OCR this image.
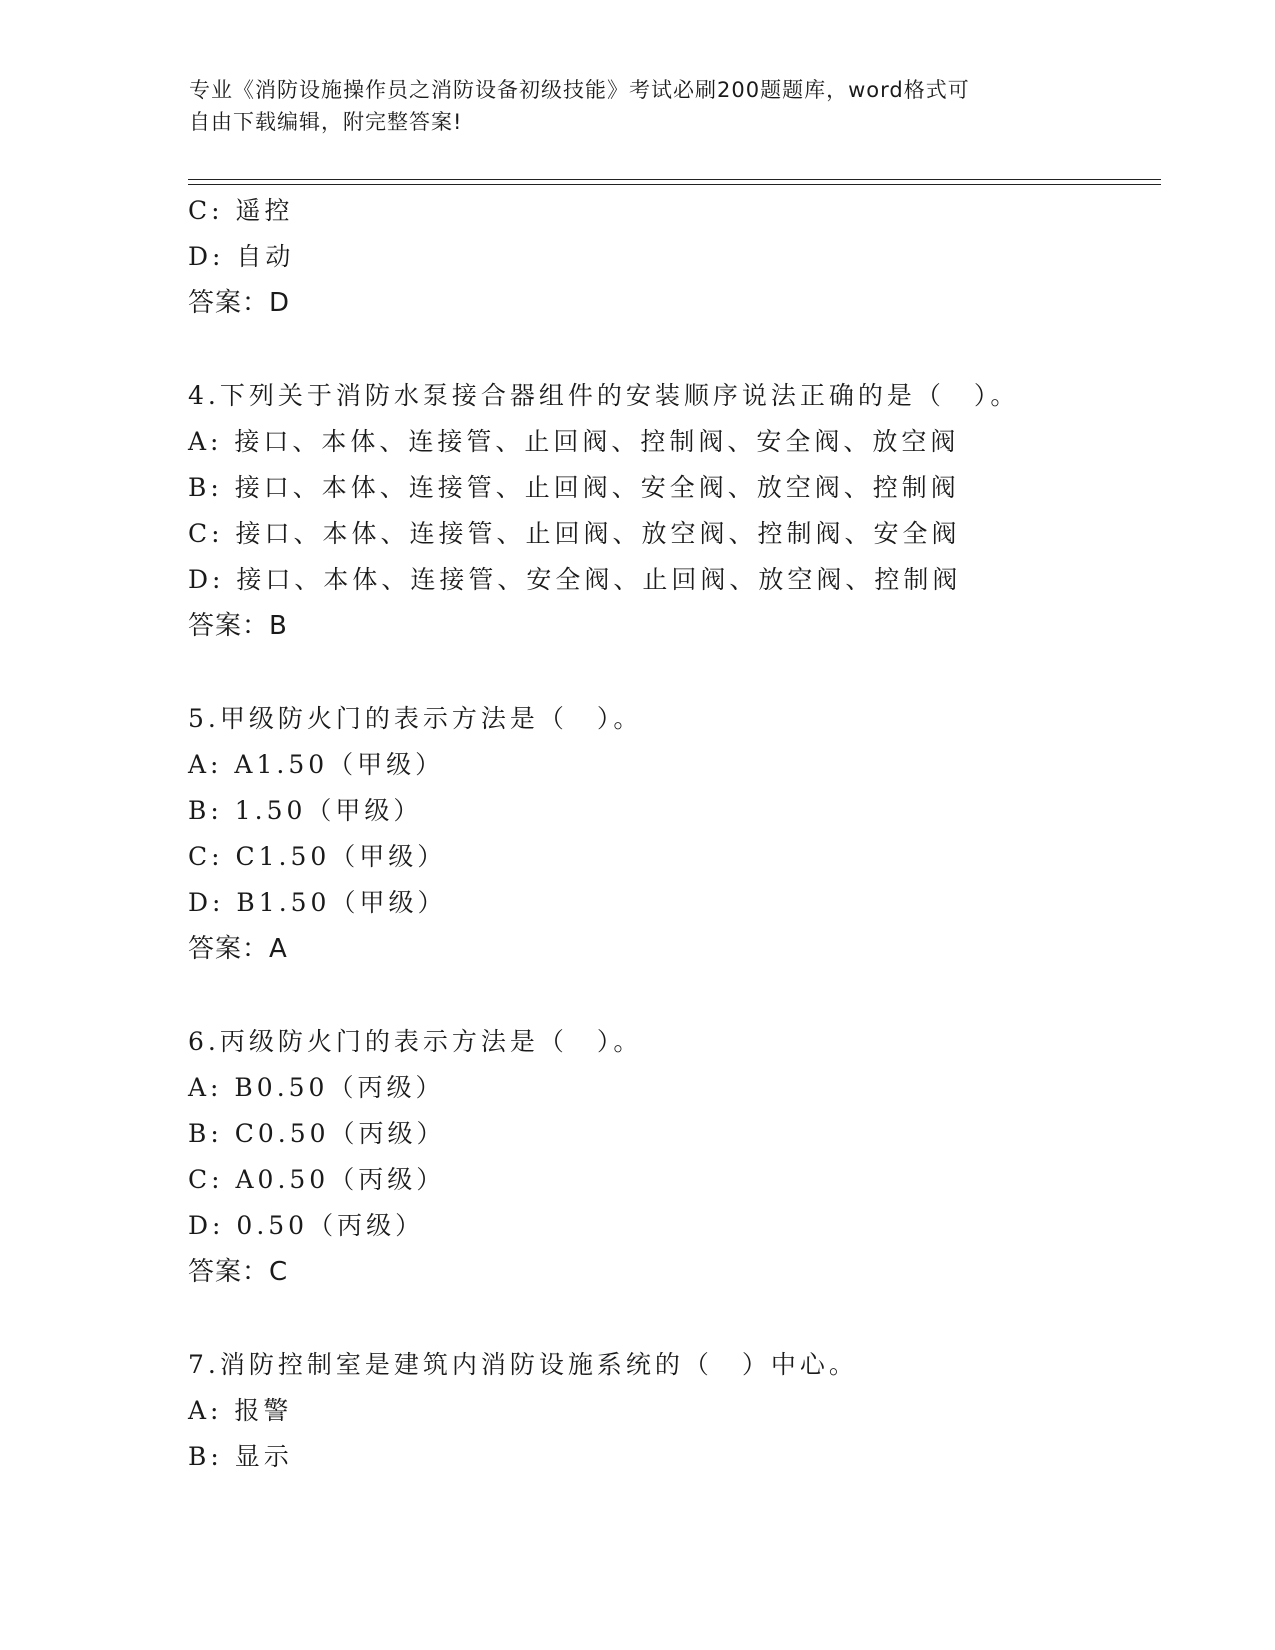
专业《消防设施操作员之消防设备初级技能》考试必刷200题题库，word格式可
自由下载编辑，附完整答案!
C: 遥控
D: 自动
答案：D
4.下列关于消防水泵接合器组件的安装顺序说法正确的是（　）。
A: 接口、本体、连接管、止回阀、控制阀、安全阀、放空阀
B: 接口、本体、连接管、止回阀、安全阀、放空阀、控制阀
C: 接口、本体、连接管、止回阀、放空阀、控制阀、安全阀
D: 接口、本体、连接管、安全阀、止回阀、放空阀、控制阀
答案：B
5.甲级防火门的表示方法是（　）。
A: A1.50（甲级）
B: 1.50（甲级）
C: C1.50（甲级）
D: B1.50（甲级）
答案：A
6.丙级防火门的表示方法是（　）。
A: B0.50（丙级）
B: C0.50（丙级）
C: A0.50（丙级）
D: 0.50（丙级）
答案：C
7.消防控制室是建筑内消防设施系统的（　）中心。
A: 报警
B: 显示
